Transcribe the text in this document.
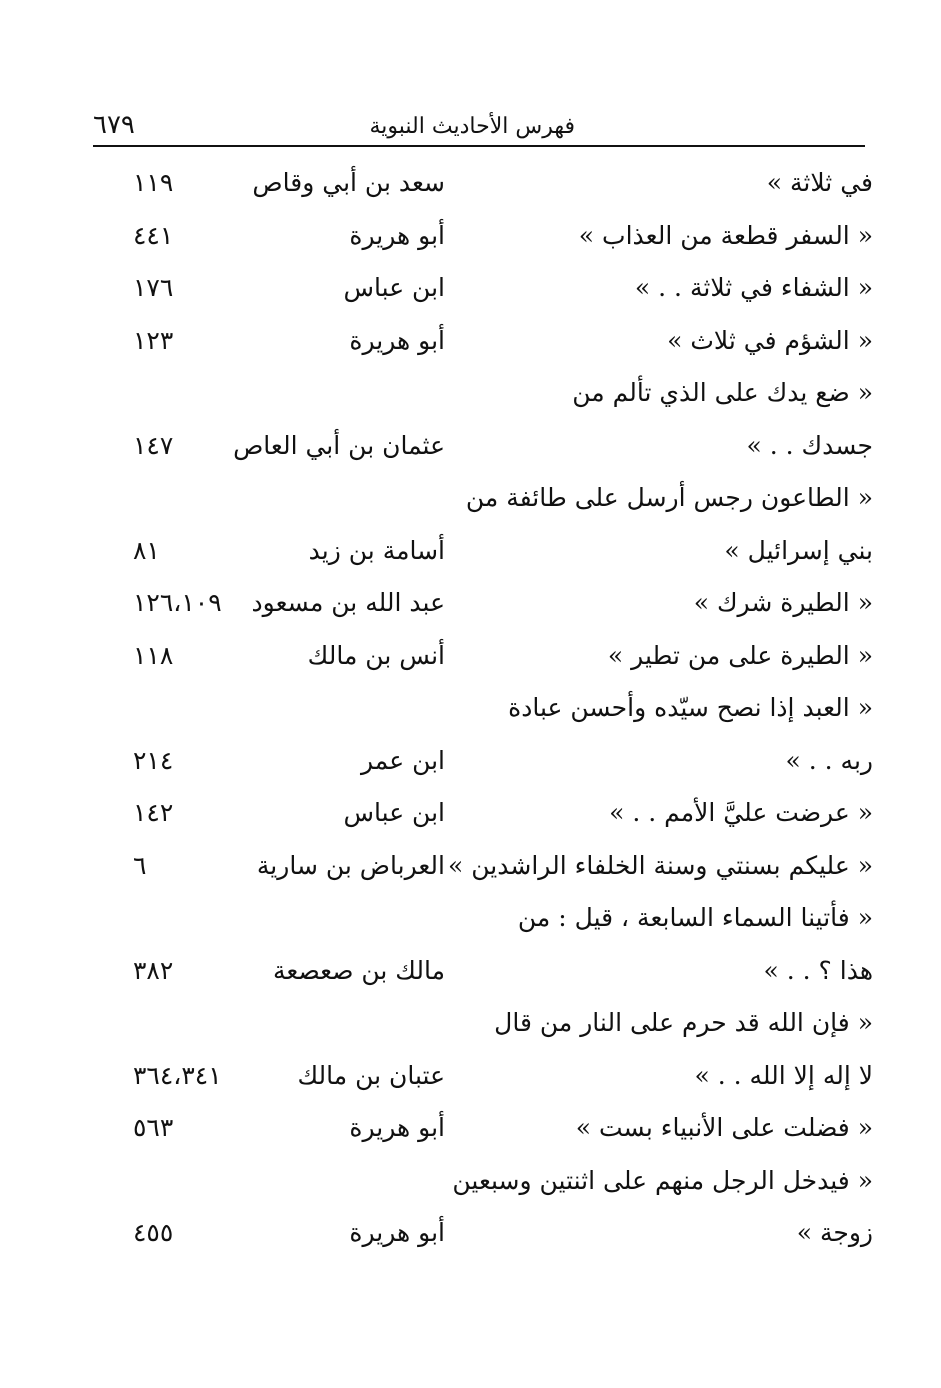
فهرس الأحاديث النبوية
٦٧٩
في ثلاثة »
سعد بن أبي وقاص
١١٩
« السفر قطعة من العذاب »
أبو هريرة
٤٤١
« الشفاء في ثلاثة . . »
ابن عباس
١٧٦
« الشؤم في ثلاث »
أبو هريرة
١٢٣
« ضع يدك على الذي تألم من
جسدك . . »
عثمان بن أبي العاص
١٤٧
« الطاعون رجس أرسل على طائفة من
بني إسرائيل »
أسامة بن زيد
٨١
« الطيرة شرك »
عبد الله بن مسعود
١٢٦،١٠٩
« الطيرة على من تطير »
أنس بن مالك
١١٨
« العبد إذا نصح سيّده وأحسن عبادة
ربه . . »
ابن عمر
٢١٤
« عرضت عليَّ الأمم . . »
ابن عباس
١٤٢
« عليكم بسنتي وسنة الخلفاء الراشدين »
العرباض بن سارية
٦
« فأتينا السماء السابعة ، قيل : من
هذا ؟ . . »
مالك بن صعصعة
٣٨٢
« فإن الله قد حرم على النار من قال
لا إله إلا الله . . »
عتبان بن مالك
٣٦٤،٣٤١
« فضلت على الأنبياء بست »
أبو هريرة
٥٦٣
« فيدخل الرجل منهم على اثنتين وسبعين
زوجة »
أبو هريرة
٤٥٥
